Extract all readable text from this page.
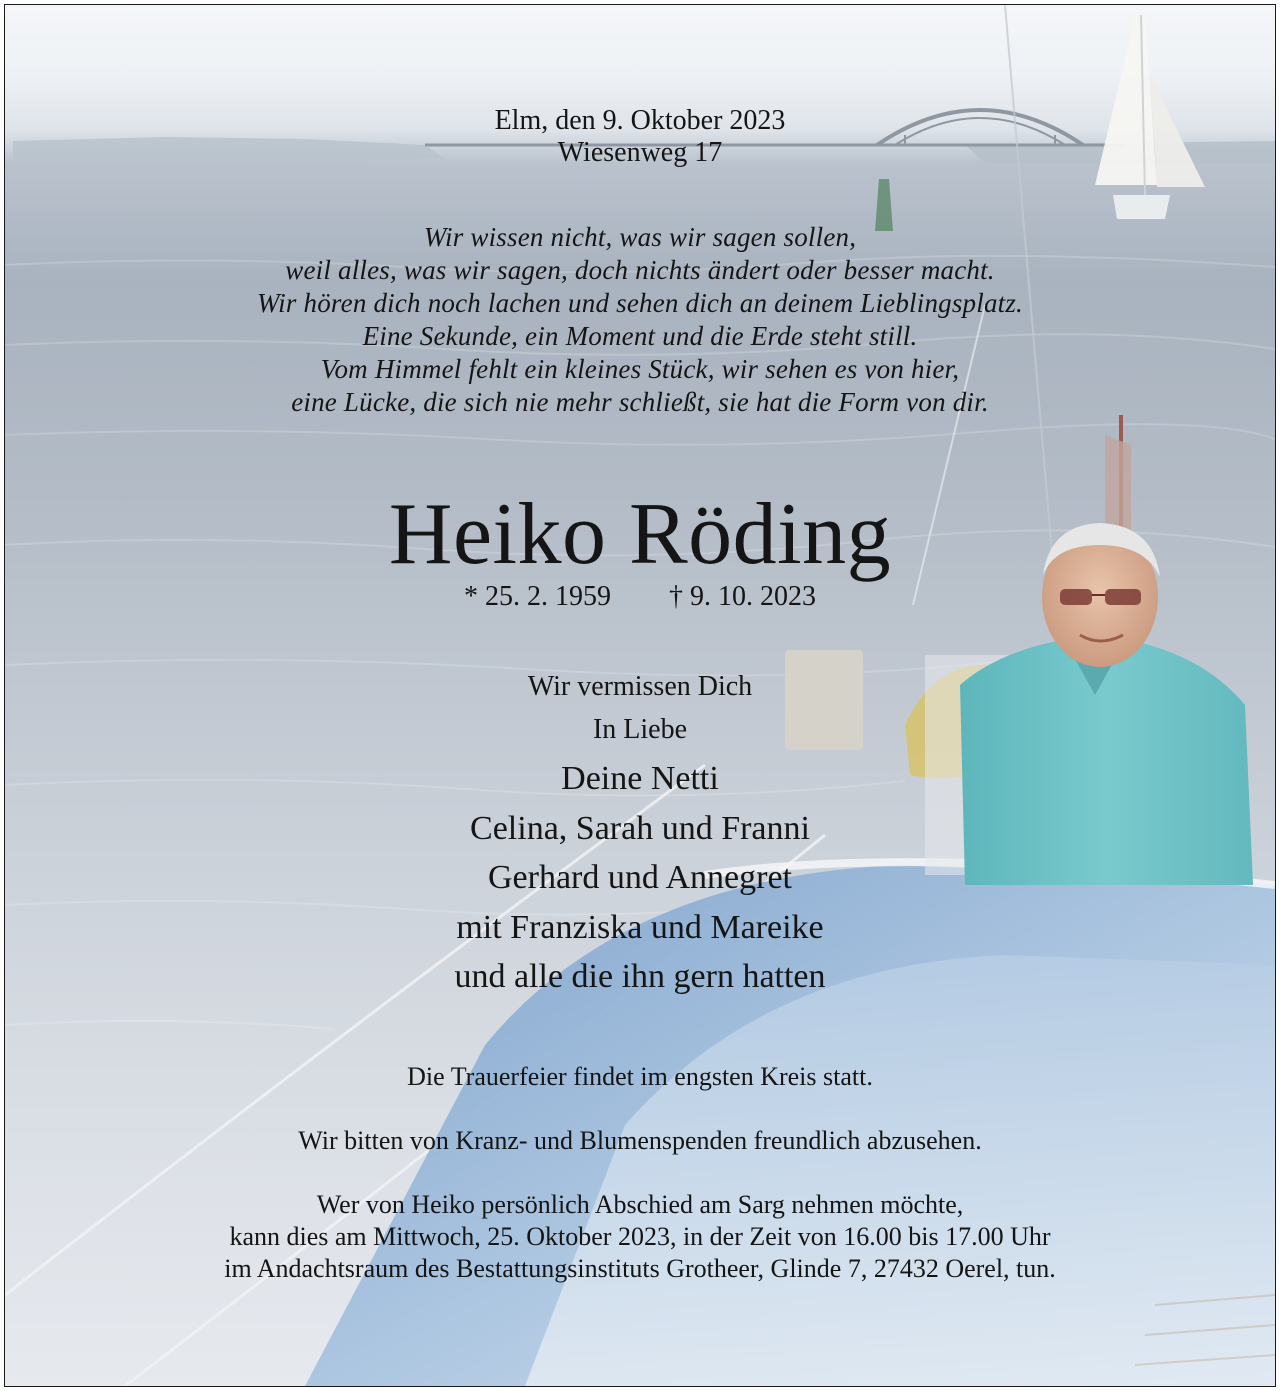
Elm, den 9. Oktober 2023

Wiesenweg 17

Wir wissen nicht, was wir sagen sollen,

weil alles, was wir sagen, doch nichts ändert oder besser macht.

Wir hören dich noch lachen und sehen dich an deinem Lieblingsplatz.

Eine Sekunde, ein Moment und die Erde steht still.

Vom Himmel fehlt ein kleines Stück, wir sehen es von hier,

eine Lücke, die sich nie mehr schließt, sie hat die Form von dir.

Heiko Röding

* 25. 2. 1959 † 9. 10. 2023

Wir vermissen Dich

In Liebe

Deine Netti

Celina, Sarah und Franni

Gerhard und Annegret

mit Franziska und Mareike

und alle die ihn gern hatten

Die Trauerfeier findet im engsten Kreis statt.

Wir bitten von Kranz- und Blumenspenden freundlich abzusehen.

Wer von Heiko persönlich Abschied am Sarg nehmen möchte,

kann dies am Mittwoch, 25. Oktober 2023, in der Zeit von 16.00 bis 17.00 Uhr

im Andachtsraum des Bestattungsinstituts Grotheer, Glinde 7, 27432 Oerel, tun.
